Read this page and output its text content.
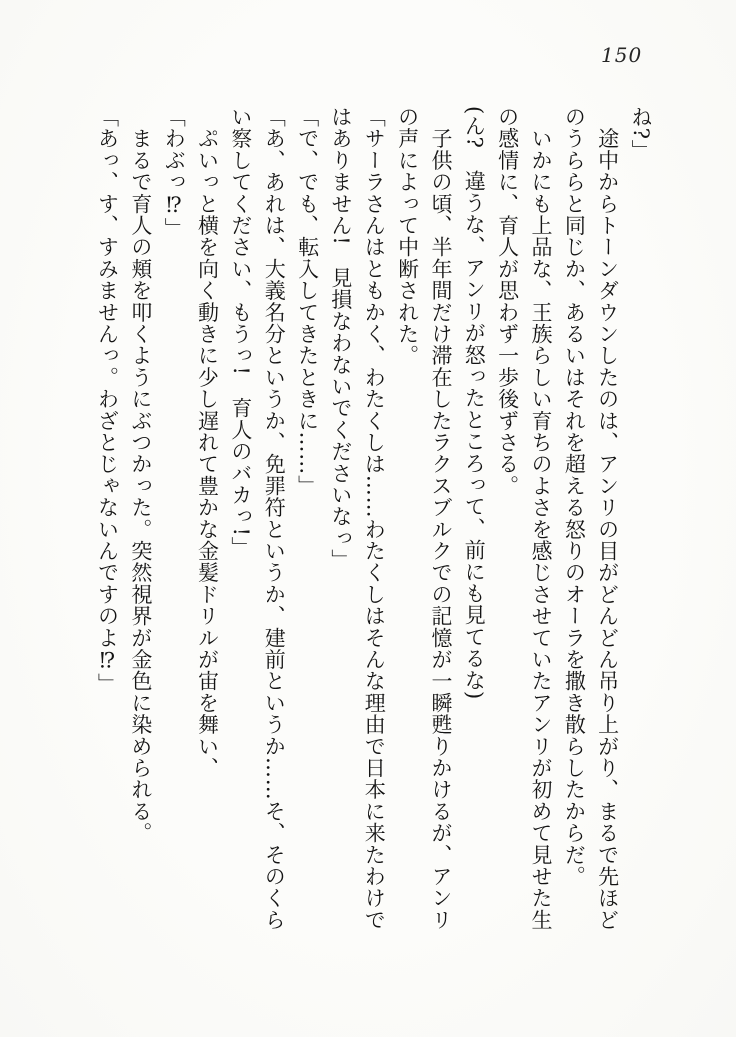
150
ね?」
　途中からトーンダウンしたのは、アンリの目がどんどん吊り上がり、まるで先ほど
のうららと同じか、あるいはそれを超える怒りのオーラを撒き散らしたからだ。
　いかにも上品な、王族らしい育ちのよさを感じさせていたアンリが初めて見せた生
の感情に、育人が思わず一歩後ずさる。
(ん?　違うな、アンリが怒ったところって、前にも見てるな)
　子供の頃、半年間だけ滞在したラクスブルクでの記憶が一瞬甦りかけるが、アンリ
の声によって中断された。
「サーラさんはともかく、わたくしは……わたくしはそんな理由で日本に来たわけで
はありません!　見損なわないでくださいなっ」
「で、でも、転入してきたときに……」
「あ、あれは、大義名分というか、免罪符というか、建前というか……そ、そのくら
い察してください、もうっ!　育人のバカっ!」
　ぷいっと横を向く動きに少し遅れて豊かな金髪ドリルが宙を舞い、
「わぶっ⁉」
　まるで育人の頬を叩くようにぶつかった。突然視界が金色に染められる。
「あっ、す、すみませんっ。わざとじゃないんですのよ⁉」
